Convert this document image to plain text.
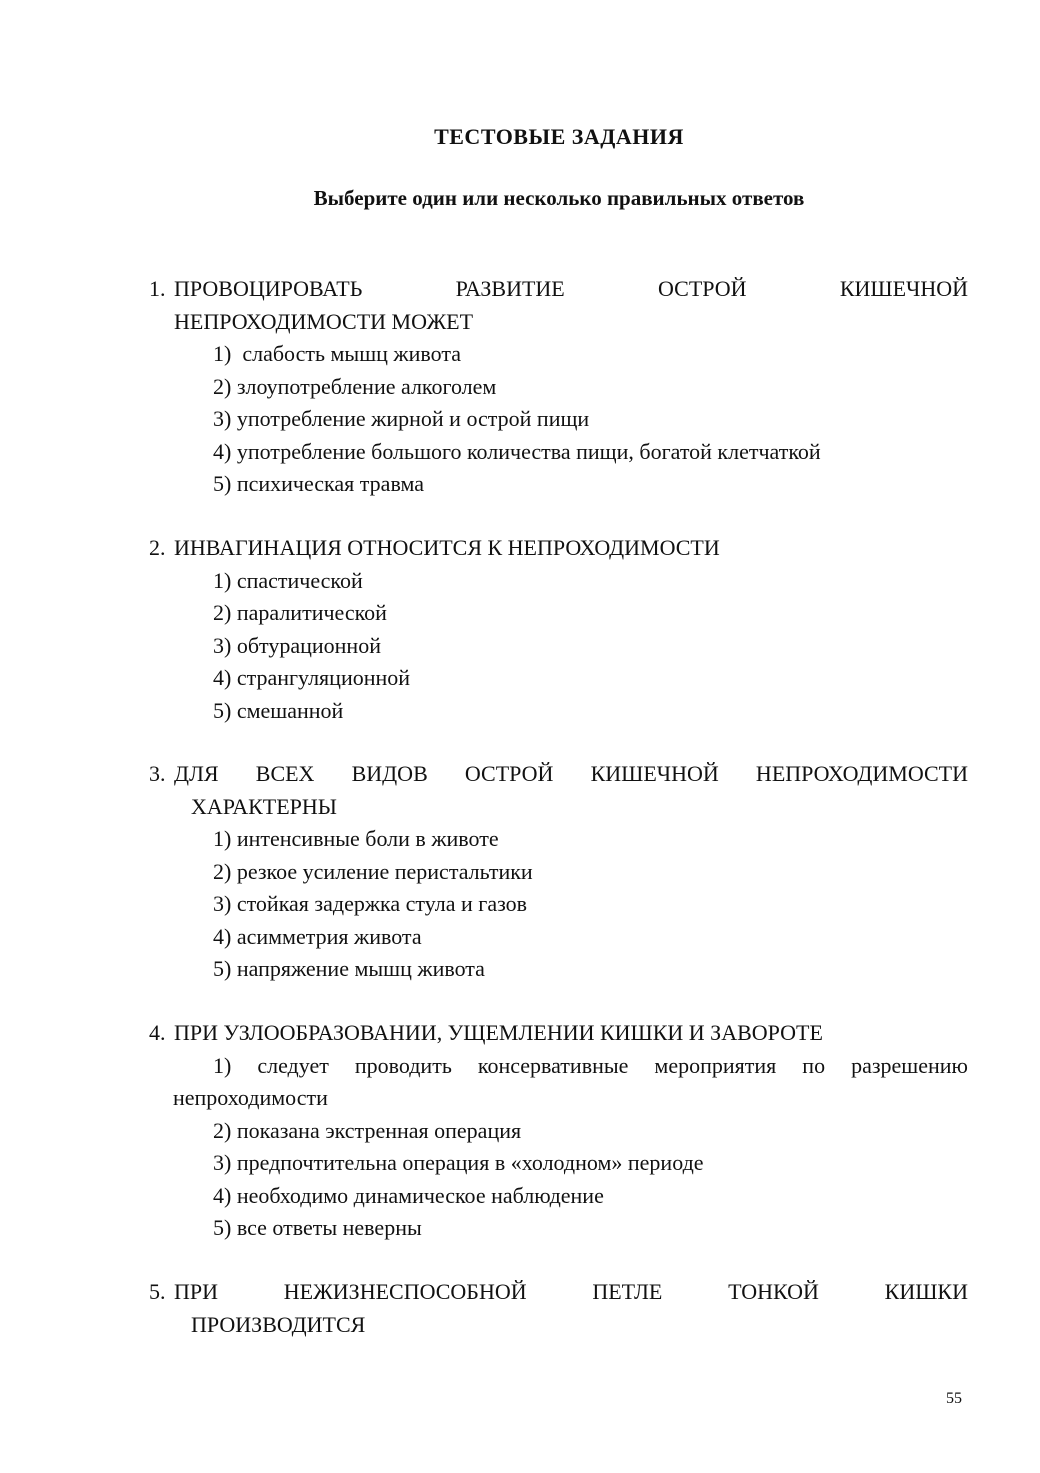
ТЕСТОВЫЕ ЗАДАНИЯ
Выберите один или несколько правильных ответов
1. ПРОВОЦИРОВАТЬ РАЗВИТИЕ ОСТРОЙ КИШЕЧНОЙ
НЕПРОХОДИМОСТИ МОЖЕТ
1)  слабость мышц живота
2) злоупотребление алкоголем
3) употребление жирной и острой пищи
4) употребление большого количества пищи, богатой клетчаткой
5) психическая травма
2. ИНВАГИНАЦИЯ ОТНОСИТСЯ К НЕПРОХОДИМОСТИ
1) спастической
2) паралитической
3) обтурационной
4) странгуляционной
5) смешанной
3. ДЛЯ ВСЕХ ВИДОВ ОСТРОЙ КИШЕЧНОЙ НЕПРОХОДИМОСТИ
ХАРАКТЕРНЫ
1) интенсивные боли в животе
2) резкое усиление перистальтики
3) стойкая задержка стула и газов
4) асимметрия живота
5) напряжение мышц живота
4. ПРИ УЗЛООБРАЗОВАНИИ, УЩЕМЛЕНИИ КИШКИ И ЗАВОРОТЕ
1) следует проводить консервативные мероприятия по разрешению
непроходимости
2) показана экстренная операция
3) предпочтительна операция в «холодном» периоде
4) необходимо динамическое наблюдение
5) все ответы неверны
5. ПРИ НЕЖИЗНЕСПОСОБНОЙ ПЕТЛЕ ТОНКОЙ КИШКИ
ПРОИЗВОДИТСЯ
55
